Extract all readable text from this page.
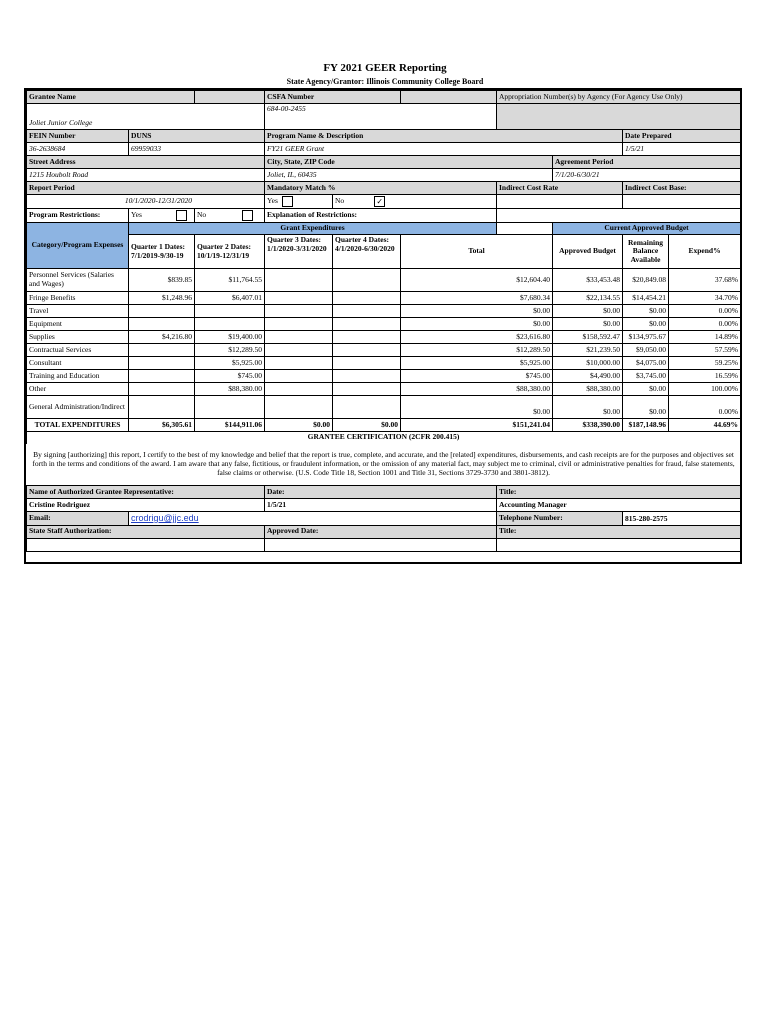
FY 2021 GEER Reporting
State Agency/Grantor: Illinois Community College Board
Grantee Name			CSFA Number			Appropriation Number(s) by Agency (For Agency Use Only)			
Joliet Junior College			684-00-2455						
FEIN Number	DUNS		Program Name & Description					Date Prepared	
36-2638684	69959033		FY21 GEER Grant					1/5/21	
Street Address			City, State, ZIP Code				Agreement Period		
1215 Houbolt Road			Joliet, IL, 60435				7/1/20-6/30/21		
Report Period			Mandatory Match %			Indirect Cost Rate		Indirect Cost Base:	
10/1/2020-12/31/2020			Yes	No ✓					
Program Restrictions:	Yes	No	Explanation of Restrictions:						
Category/Program Expenses	Grant Expenditures						Current Approved Budget		
	Quarter 1 Dates: 7/1/2019-9/30-19	Quarter 2 Dates: 10/1/19-12/31/19	Quarter 3 Dates: 1/1/2020-3/31/2020	Quarter 4 Dates: 4/1/2020-6/30/2020	Total		Approved Budget	Remaining Balance Available	Expend%
Personnel Services (Salaries and Wages)	$839.85	$11,764.55			$12,604.40		$33,453.48	$20,849.08	37.68%
Fringe Benefits	$1,248.96	$6,407.01			$7,680.34		$22,134.55	$14,454.21	34.70%
Travel					$0.00		$0.00	$0.00	0.00%
Equipment					$0.00		$0.00	$0.00	0.00%
Supplies	$4,216.80	$19,400.00			$23,616.80		$158,592.47	$134,975.67	14.89%
Contractual Services		$12,289.50			$12,289.50		$21,239.50	$9,050.00	57.59%
Consultant		$5,925.00			$5,925.00		$10,000.00	$4,075.00	59.25%
Training and Education		$745.00			$745.00		$4,490.00	$3,745.00	16.59%
Other		$88,380.00			$88,380.00		$88,380.00	$0.00	100.00%
General Administration/Indirect					$0.00		$0.00	$0.00	0.00%
TOTAL EXPENDITURES	$6,305.61	$144,911.06	$0.00	$0.00	$151,241.04		$338,390.00	$187,148.96	44.69%
GRANTEE CERTIFICATION (2CFR 200.415)									
By signing [authorizing] this report, I certify to the best of my knowledge and belief that the report is true, complete, and accurate, and the [related] expenditures, disbursements, and cash receipts are for the purposes and objectives set forth in the terms and conditions of the award. I am aware that any false, fictitious, or fraudulent information, or the omission of any material fact, may subject me to criminal, civil or administrative penalties for fraud, false statements, false claims or otherwise. (U.S. Code Title 18, Section 1001 and Title 31, Sections 3729-3730 and 3801-3812).									
Name of Authorized Grantee Representative:			Date:			Title:			
Cristine Rodriguez			1/5/21			Accounting Manager			
Email:	crodrigu@jjc.edu					Telephone Number:		815-280-2575	
State Staff Authorization:			Approved Date:			Title:			
